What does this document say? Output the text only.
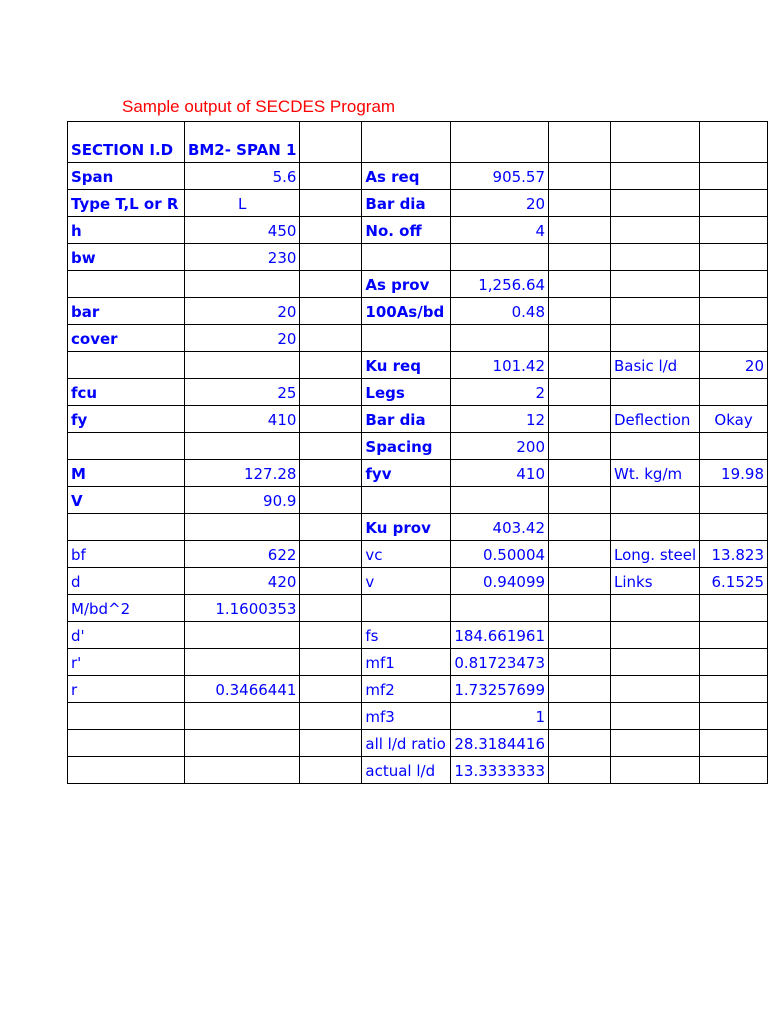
Sample output of SECDES Program
SECTION I.D	BM2- SPAN 1						
Span	5.6		As req	905.57			
Type T,L or R	L		Bar dia	20			
h	450		No. off	4			
bw	230						
			As prov	1,256.64			
bar	20		100As/bd	0.48			
cover	20						
			Ku req	101.42		Basic l/d	20
fcu	25		Legs	2			
fy	410		Bar dia	12		Deflection	Okay
			Spacing	200			
M	127.28		fyv	410		Wt. kg/m	19.98
V	90.9						
			Ku prov	403.42			
bf	622		vc	0.50004		Long. steel	13.823
d	420		v	0.94099		Links	6.1525
M/bd^2	1.1600353						
d'			fs	184.661961			
r'			mf1	0.81723473			
r	0.3466441		mf2	1.73257699			
			mf3	1			
			all l/d ratio	28.3184416			
			actual l/d	13.3333333			
